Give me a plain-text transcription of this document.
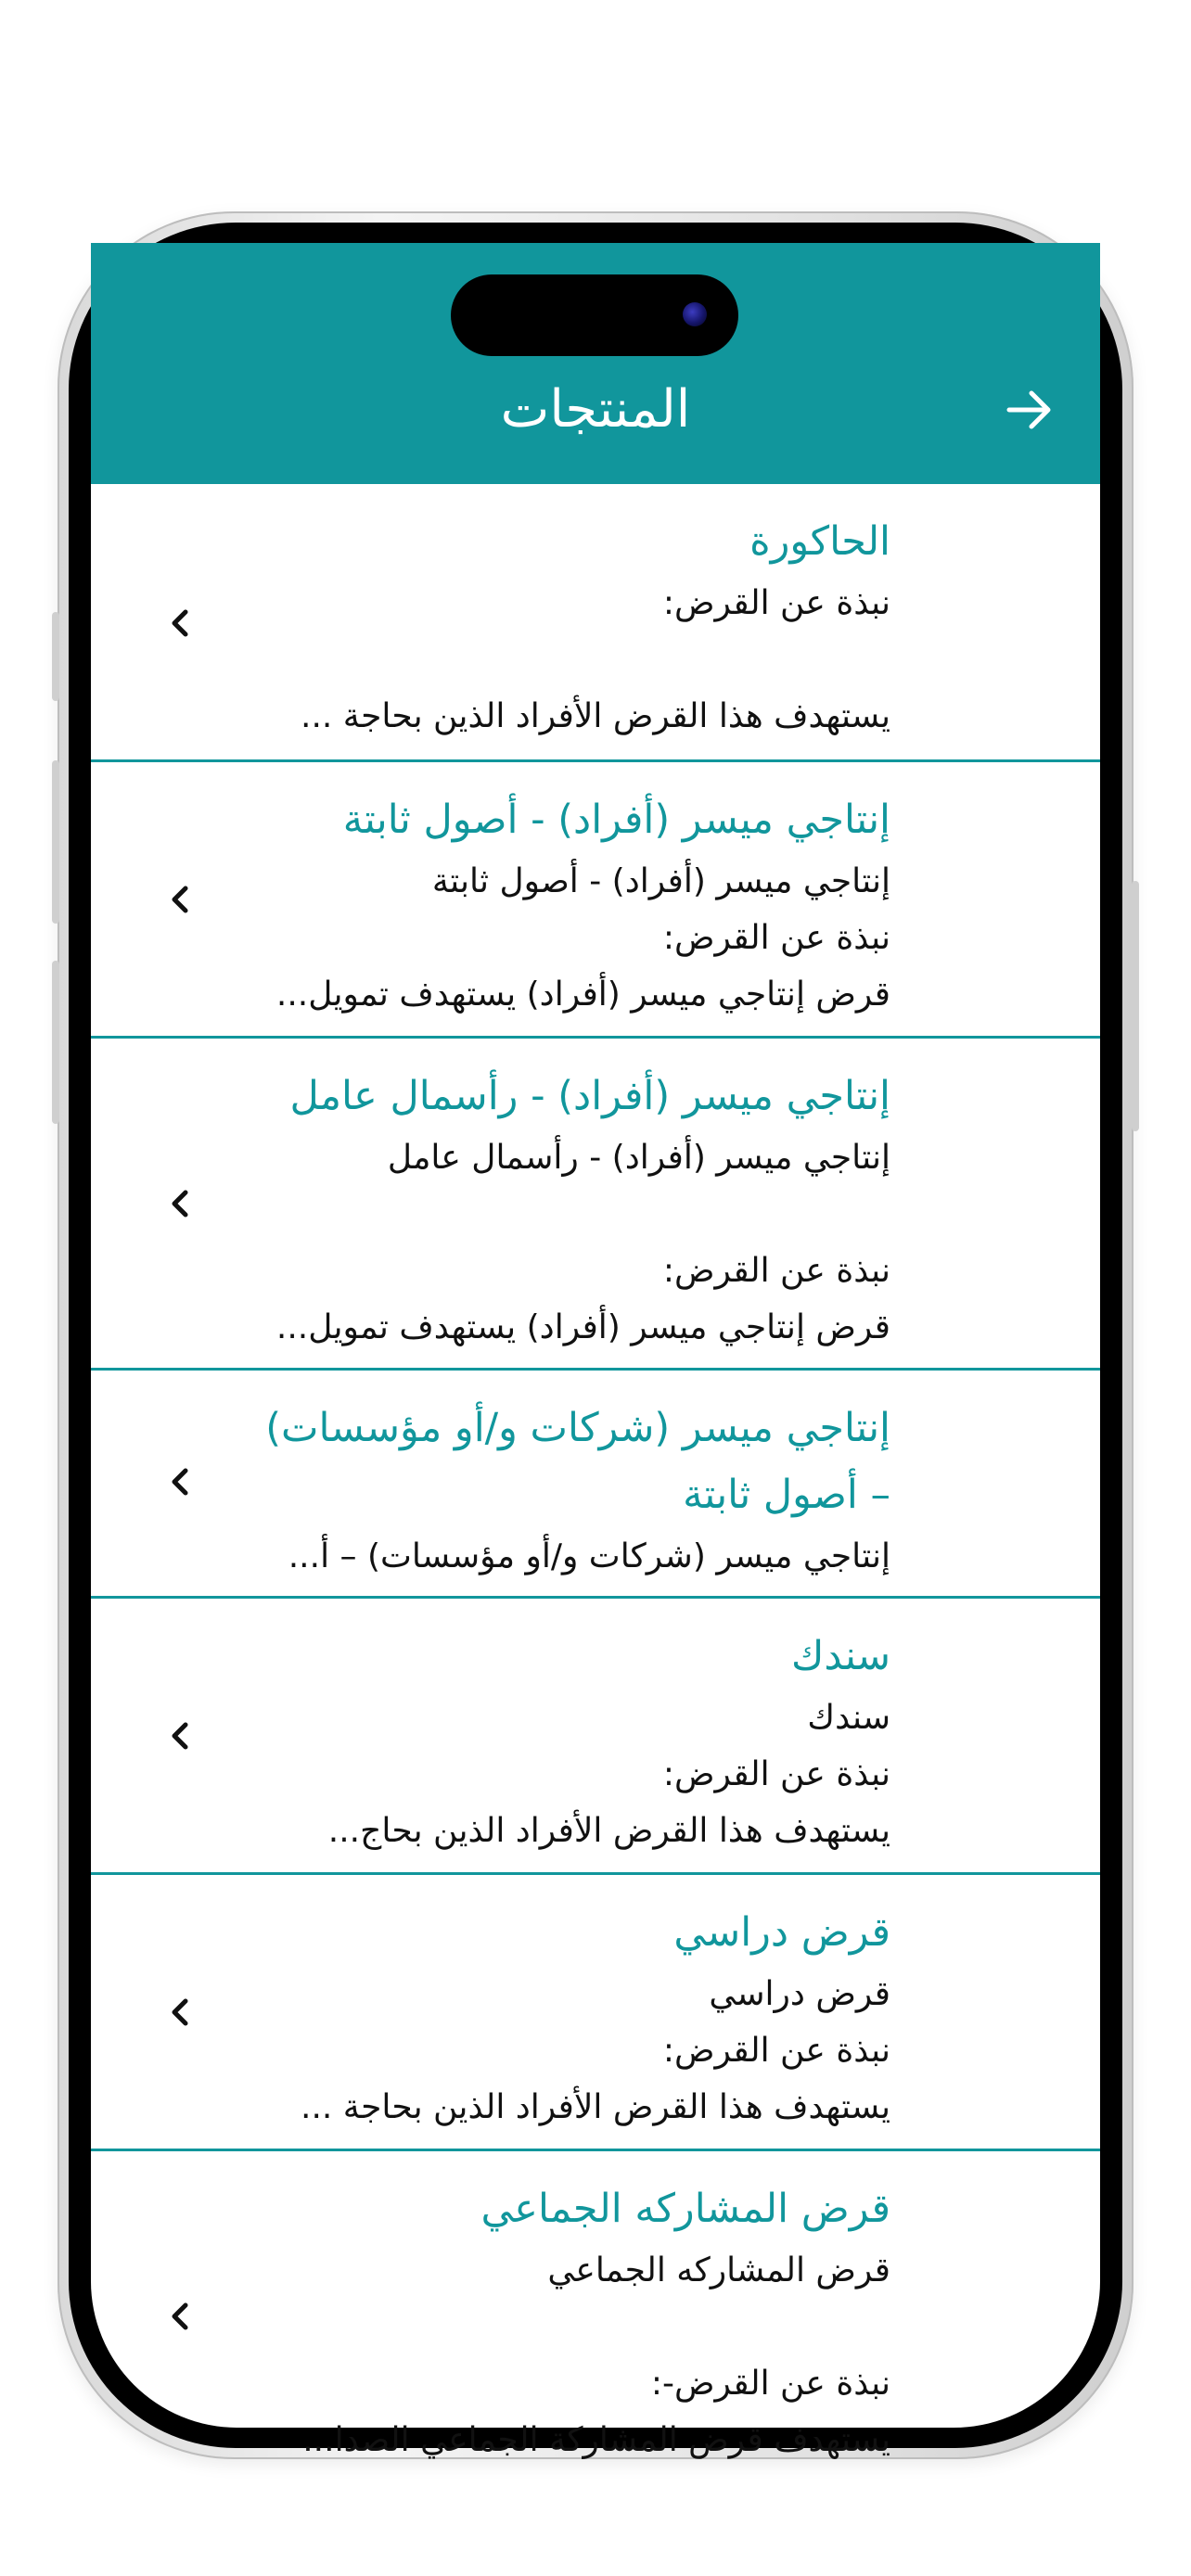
المنتجات

الحاكورة

نبذة عن القرض:

يستهدف هذا القرض الأفراد الذين بحاجة ...

إنتاجي ميسر (أفراد) - أصول ثابتة

إنتاجي ميسر (أفراد) - أصول ثابتة

نبذة عن القرض:

قرض إنتاجي ميسر (أفراد) يستهدف تمويل...

إنتاجي ميسر (أفراد) - رأسمال عامل

إنتاجي ميسر (أفراد) - رأسمال عامل

نبذة عن القرض:

قرض إنتاجي ميسر (أفراد) يستهدف تمويل...

إنتاجي ميسر (شركات و/أو مؤسسات)

– أصول ثابتة

إنتاجي ميسر (شركات و/أو مؤسسات) – أ...

سندك

سندك

نبذة عن القرض:

يستهدف هذا القرض الأفراد الذين بحاج...

قرض دراسي

قرض دراسي

نبذة عن القرض:

يستهدف هذا القرض الأفراد الذين بحاجة ...

قرض المشاركه الجماعي

قرض المشاركه الجماعي

نبذة عن القرض-:

يستهدف قرض المشاركة الجماعي الصدا...
